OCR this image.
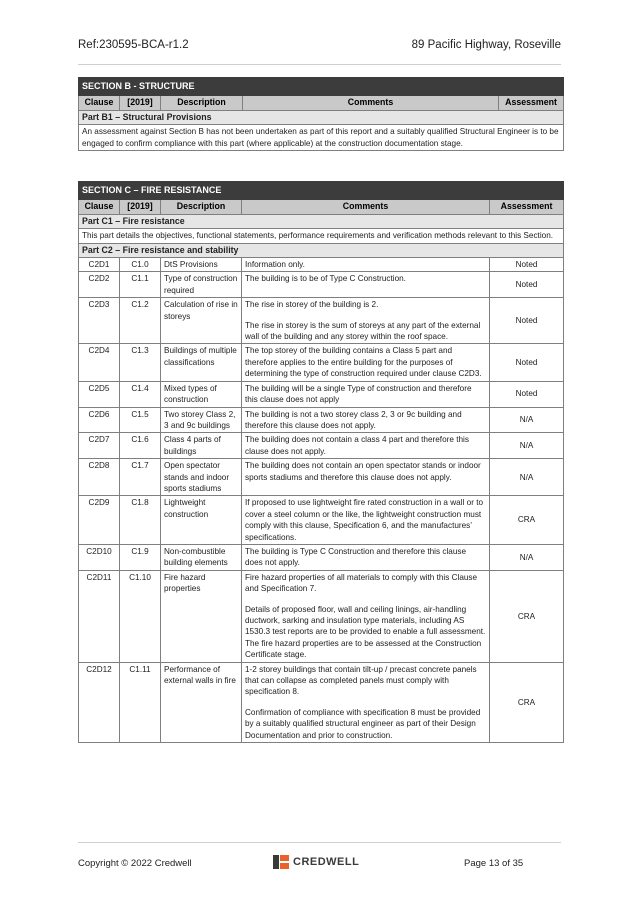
Ref:230595-BCA-r1.2	89 Pacific Highway, Roseville
SECTION B - STRUCTURE
Clause	[2019]	Description	Comments	Assessment
Part B1 – Structural Provisions
An assessment against Section B has not been undertaken as part of this report and a suitably qualified Structural Engineer is to be engaged to confirm compliance with this part (where applicable) at the construction documentation stage.
SECTION C – FIRE RESISTANCE				
Clause	[2019]	Description	Comments	Assessment
Part C1 – Fire resistance				
This part details the objectives, functional statements, performance requirements and verification methods relevant to this Section.				
Part C2 – Fire resistance and stability				
C2D1	C1.0	DtS Provisions	Information only.	Noted
C2D2	C1.1	Type of construction required	The building is to be of Type C Construction.	Noted
C2D3	C1.2	Calculation of rise in storeys	The rise in storey of the building is 2.
The rise in storey is the sum of storeys at any part of the external wall of the building and any storey within the roof space.	Noted
C2D4	C1.3	Buildings of multiple classifications	The top storey of the building contains a Class 5 part and therefore applies to the entire building for the purposes of determining the type of construction required under clause C2D3.	Noted
C2D5	C1.4	Mixed types of construction	The building will be a single Type of construction and therefore this clause does not apply	Noted
C2D6	C1.5	Two storey Class 2, 3 and 9c buildings	The building is not a two storey class 2, 3 or 9c building and therefore this clause does not apply.	N/A
C2D7	C1.6	Class 4 parts of buildings	The building does not contain a class 4 part and therefore this clause does not apply.	N/A
C2D8	C1.7	Open spectator stands and indoor sports stadiums	The building does not contain an open spectator stands or indoor sports stadiums and therefore this clause does not apply.	N/A
C2D9	C1.8	Lightweight construction	If proposed to use lightweight fire rated construction in a wall or to cover a steel column or the like, the lightweight construction must comply with this clause, Specification 6, and the manufactures’ specifications.	CRA
C2D10	C1.9	Non-combustible building elements	The building is Type C Construction and therefore this clause does not apply.	N/A
C2D11	C1.10	Fire hazard properties	Fire hazard properties of all materials to comply with this Clause and Specification 7.
Details of proposed floor, wall and ceiling linings, air-handling ductwork, sarking and insulation type materials, including AS 1530.3 test reports are to be provided to enable a full assessment. The fire hazard properties are to be assessed at the Construction Certificate stage.	CRA
C2D12	C1.11	Performance of external walls in fire	1-2 storey buildings that contain tilt-up / precast concrete panels that can collapse as completed panels must comply with specification 8.
Confirmation of compliance with specification 8 must be provided by a suitably qualified structural engineer as part of their Design Documentation and prior to construction.	CRA
Copyright © 2022 Credwell	CREDWELL	Page 13 of 35
